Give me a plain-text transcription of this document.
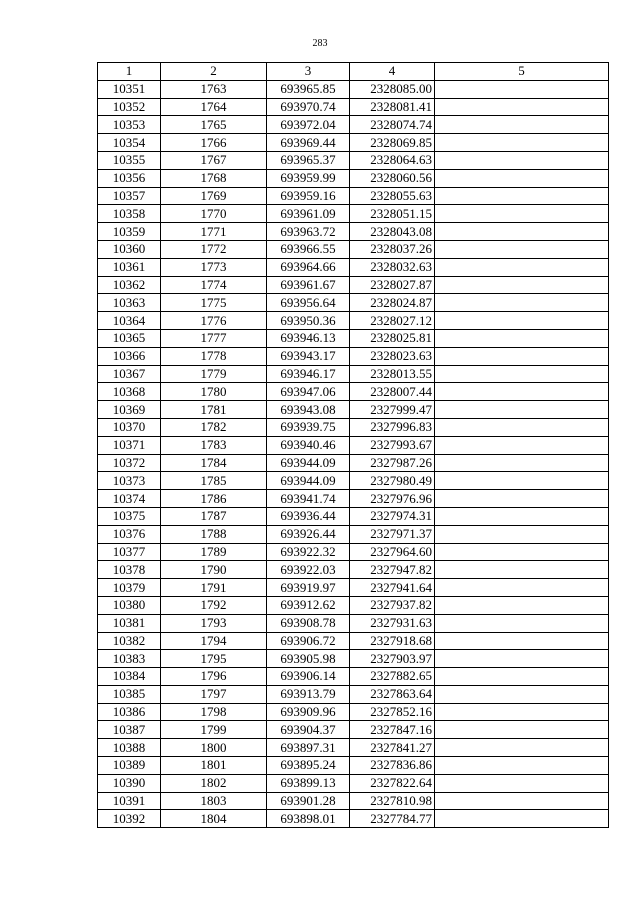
283
1	2	3	4	5
10351	1763	693965.85	2328085.00	
10352	1764	693970.74	2328081.41	
10353	1765	693972.04	2328074.74	
10354	1766	693969.44	2328069.85	
10355	1767	693965.37	2328064.63	
10356	1768	693959.99	2328060.56	
10357	1769	693959.16	2328055.63	
10358	1770	693961.09	2328051.15	
10359	1771	693963.72	2328043.08	
10360	1772	693966.55	2328037.26	
10361	1773	693964.66	2328032.63	
10362	1774	693961.67	2328027.87	
10363	1775	693956.64	2328024.87	
10364	1776	693950.36	2328027.12	
10365	1777	693946.13	2328025.81	
10366	1778	693943.17	2328023.63	
10367	1779	693946.17	2328013.55	
10368	1780	693947.06	2328007.44	
10369	1781	693943.08	2327999.47	
10370	1782	693939.75	2327996.83	
10371	1783	693940.46	2327993.67	
10372	1784	693944.09	2327987.26	
10373	1785	693944.09	2327980.49	
10374	1786	693941.74	2327976.96	
10375	1787	693936.44	2327974.31	
10376	1788	693926.44	2327971.37	
10377	1789	693922.32	2327964.60	
10378	1790	693922.03	2327947.82	
10379	1791	693919.97	2327941.64	
10380	1792	693912.62	2327937.82	
10381	1793	693908.78	2327931.63	
10382	1794	693906.72	2327918.68	
10383	1795	693905.98	2327903.97	
10384	1796	693906.14	2327882.65	
10385	1797	693913.79	2327863.64	
10386	1798	693909.96	2327852.16	
10387	1799	693904.37	2327847.16	
10388	1800	693897.31	2327841.27	
10389	1801	693895.24	2327836.86	
10390	1802	693899.13	2327822.64	
10391	1803	693901.28	2327810.98	
10392	1804	693898.01	2327784.77	
